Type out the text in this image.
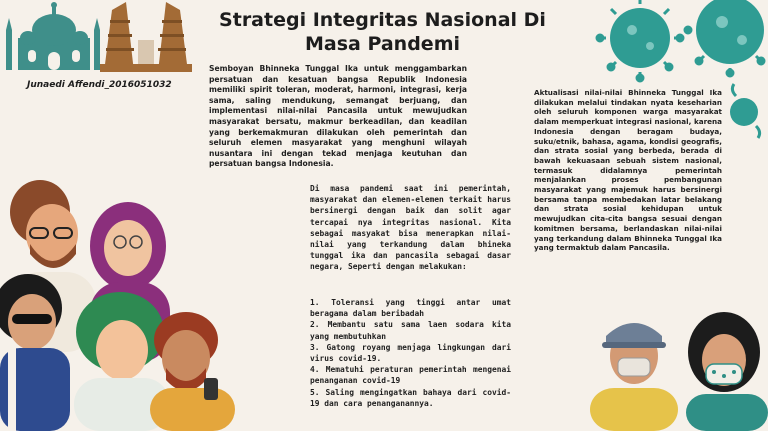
Strategi Integritas Nasional Di Masa Pandemi
Junaedi Affendi_2016051032
Semboyan Bhinneka Tunggal Ika untuk menggambarkan persatuan dan kesatuan bangsa Republik Indonesia memiliki spirit toleran, moderat, harmoni, integrasi, kerja sama, saling mendukung, semangat berjuang, dan implementasi nilai-nilai Pancasila untuk mewujudkan masyarakat bersatu, makmur berkeadilan, dan keadilan yang berkemakmuran dilakukan oleh pemerintah dan seluruh elemen masyarakat yang menghuni wilayah nusantara ini dengan tekad menjaga keutuhan dan persatuan bangsa Indonesia.
Di masa pandemi saat ini pemerintah, masyarakat dan elemen-elemen terkait harus bersinergi dengan baik dan solit agar tercapai nya integritas nasional. Kita sebagai masyakat bisa menerapkan nilai-nilai yang terkandung dalam bhineka tunggal ika dan pancasila sebagai dasar negara, Seperti dengan melakukan:
1. Toleransi yang tinggi antar umat beragama dalam beribadah
2. Membantu satu sama laen sodara kita yang membutuhkan
3. Gatong royang menjaga lingkungan dari virus covid-19.
4. Mematuhi peraturan pemerintah mengenai penanganan covid-19
5. Saling mengingatkan bahaya dari covid-19 dan cara penanganannya.
Aktualisasi nilai-nilai Bhinneka Tunggal Ika dilakukan melalui tindakan nyata keseharian oleh seluruh komponen warga masyarakat dalam memperkuat integrasi nasional, karena Indonesia dengan beragam budaya, suku/etnik, bahasa, agama, kondisi geografis, dan strata sosial yang berbeda, berada di bawah kekuasaan sebuah sistem nasional, termasuk didalamnya pemerintah menjalankan proses pembangunan masyarakat yang majemuk harus bersinergi bersama tanpa membedakan latar belakang dan strata sosial kehidupan untuk mewujudkan cita-cita bangsa sesuai dengan komitmen bersama, berlandaskan nilai-nilai yang terkandung dalam Bhinneka Tunggal Ika yang termaktub dalam Pancasila.
